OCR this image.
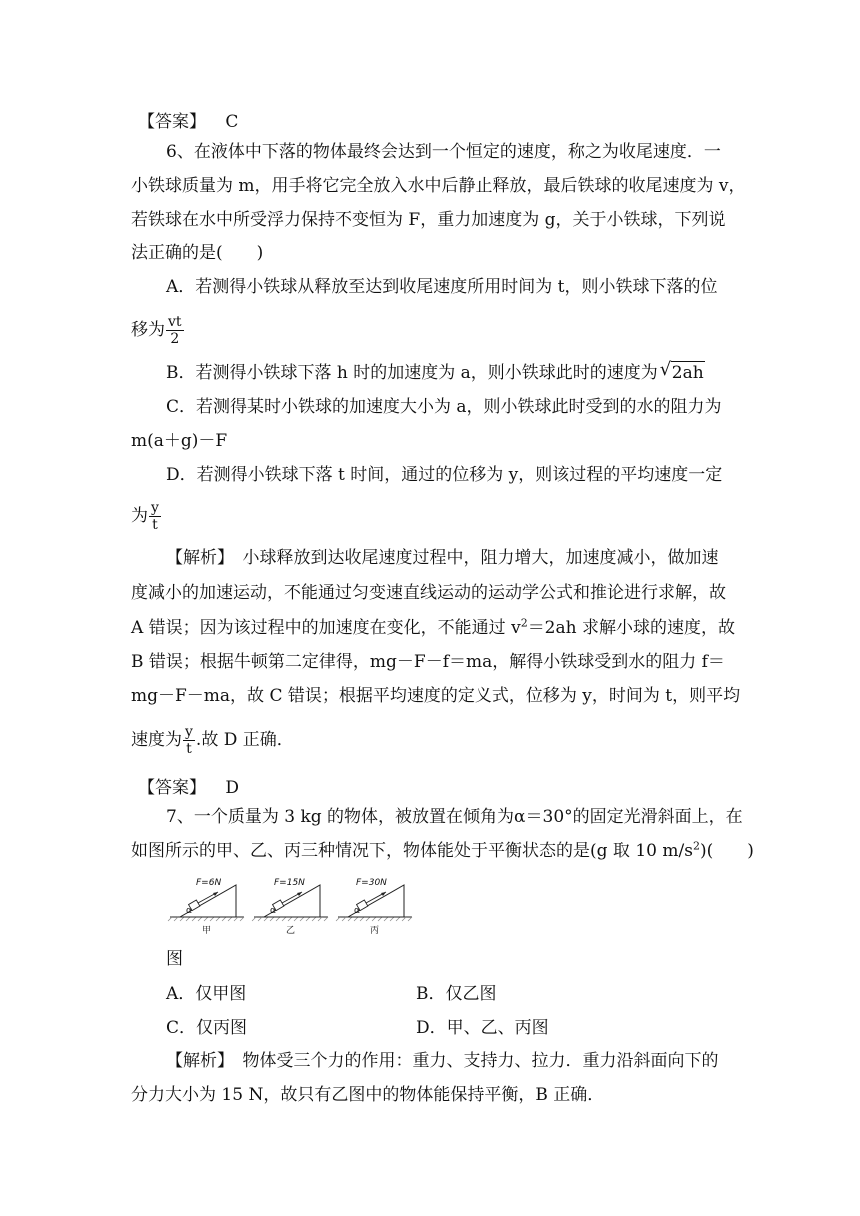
【答案】 C
6、在液体中下落的物体最终会达到一个恒定的速度，称之为收尾速度．一
小铁球质量为 m，用手将它完全放入水中后静止释放，最后铁球的收尾速度为 v，
若铁球在水中所受浮力保持不变恒为 F，重力加速度为 g，关于小铁球，下列说
法正确的是(　　)
A．若测得小铁球从释放至达到收尾速度所用时间为 t，则小铁球下落的位
移为 $\frac{vt}{2}$
B．若测得小铁球下落 h 时的加速度为 a，则小铁球此时的速度为√ 2ah
C．若测得某时小铁球的加速度大小为 a，则小铁球此时受到的水的阻力为
m(a＋g)－F
D．若测得小铁球下落 t 时间，通过的位移为 y，则该过程的平均速度一定
为 $\frac{y}{t}$
【解析】　小球释放到达收尾速度过程中，阻力增大，加速度减小，做加速
度减小的加速运动，不能通过匀变速直线运动的运动学公式和推论进行求解，故
A 错误；因为该过程中的加速度在变化，不能通过 $v^2=2ah$ 求解小球的速度，故
B 错误；根据牛顿第二定律得，mg－F－f＝ma，解得小铁球受到水的阻力 f＝
mg－F－ma，故 C 错误；根据平均速度的定义式，位移为 y，时间为 t，则平均
速度为 $\frac{y}{t}$ .故 D 正确．
【答案】 D
7、一个质量为 3 kg 的物体，被放置在倾角为α＝30°的固定光滑斜面上，在
如图所示的甲、乙、丙三种情况下，物体能处于平衡状态的是(g 取 10 $m/s^2$)(　　)
F=6N
α
甲
F=15N
α
乙
F=30N
α
丙
图
A．仅甲图	B．仅乙图
C．仅丙图	D．甲、乙、丙图
【解析】　物体受三个力的作用：重力、支持力、拉力．重力沿斜面向下的
分力大小为 15 N，故只有乙图中的物体能保持平衡，B 正确．
